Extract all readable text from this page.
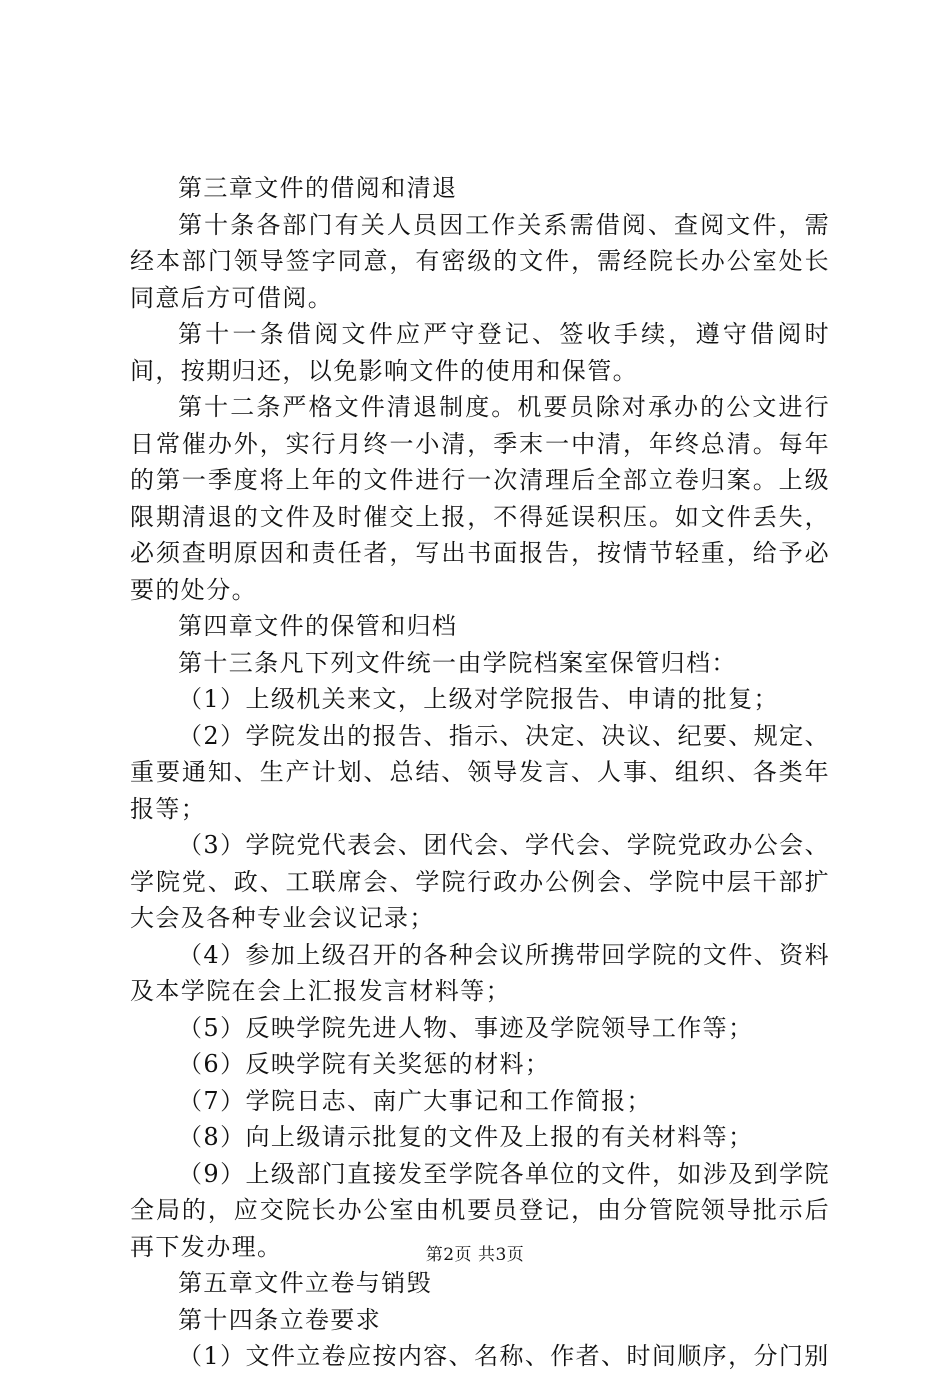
第三章文件的借阅和清退

第十条各部门有关人员因工作关系需借阅、查阅文件，需经本部门领导签字同意，有密级的文件，需经院长办公室处长同意后方可借阅。

第十一条借阅文件应严守登记、签收手续，遵守借阅时间，按期归还，以免影响文件的使用和保管。

第十二条严格文件清退制度。机要员除对承办的公文进行日常催办外，实行月终一小清，季末一中清，年终总清。每年的第一季度将上年的文件进行一次清理后全部立卷归案。上级限期清退的文件及时催交上报，不得延误积压。如文件丢失，必须查明原因和责任者，写出书面报告，按情节轻重，给予必要的处分。

第四章文件的保管和归档

第十三条凡下列文件统一由学院档案室保管归档：

（1）上级机关来文，上级对学院报告、申请的批复；

（2）学院发出的报告、指示、决定、决议、纪要、规定、重要通知、生产计划、总结、领导发言、人事、组织、各类年报等；

（3）学院党代表会、团代会、学代会、学院党政办公会、学院党、政、工联席会、学院行政办公例会、学院中层干部扩大会及各种专业会议记录；

（4）参加上级召开的各种会议所携带回学院的文件、资料及本学院在会上汇报发言材料等；

（5）反映学院先进人物、事迹及学院领导工作等；

（6）反映学院有关奖惩的材料；

（7）学院日志、南广大事记和工作简报；

（8）向上级请示批复的文件及上报的有关材料等；

（9）上级部门直接发至学院各单位的文件，如涉及到学院全局的，应交院长办公室由机要员登记，由分管院领导批示后再下发办理。

第五章文件立卷与销毁

第十四条立卷要求

（1）文件立卷应按内容、名称、作者、时间顺序，分门别

第2页 共3页
